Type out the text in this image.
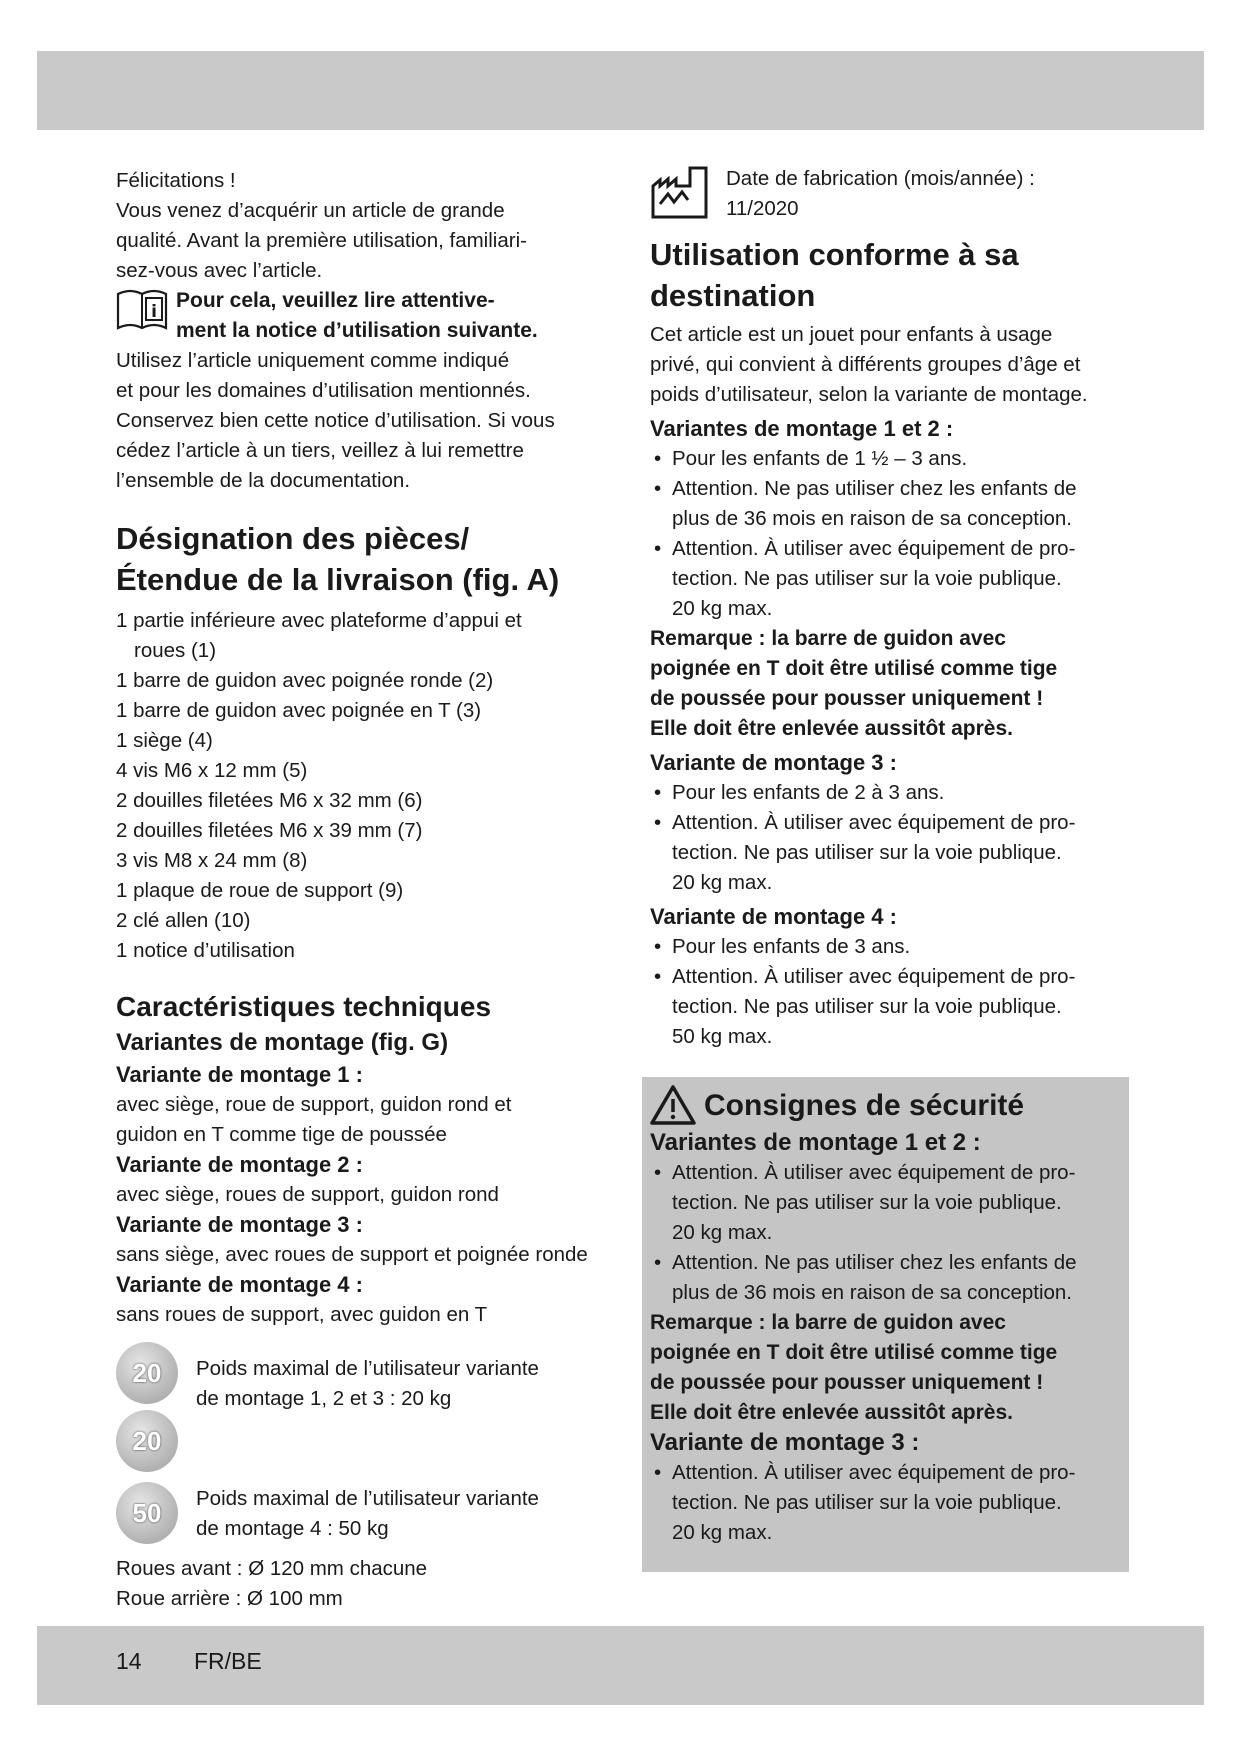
Félicitations !

Vous venez d’acquérir un article de grande

qualité. Avant la première utilisation, familiari-

sez-vous avec l’article.

i Pour cela, veuillez lire attentive-

ment la notice d’utilisation suivante.

Utilisez l’article uniquement comme indiqué

et pour les domaines d’utilisation mentionnés.

Conservez bien cette notice d’utilisation. Si vous

cédez l’article à un tiers, veillez à lui remettre

l’ensemble de la documentation.

Désignation des pièces/

Étendue de la livraison (fig. A)

1 partie inférieure avec plateforme d’appui et
roues (1)
1 barre de guidon avec poignée ronde (2)
1 barre de guidon avec poignée en T (3)
1 siège (4)
4 vis M6 x 12 mm (5)
2 douilles filetées M6 x 32 mm (6)
2 douilles filetées M6 x 39 mm (7)
3 vis M8 x 24 mm (8)
1 plaque de roue de support (9)
2 clé allen (10)
1 notice d’utilisation

Caractéristiques techniques

Variantes de montage (fig. G)

Variante de montage 1 :

avec siège, roue de support, guidon rond et

guidon en T comme tige de poussée

Variante de montage 2 :

avec siège, roues de support, guidon rond

Variante de montage 3 :

sans siège, avec roues de support et poignée ronde

Variante de montage 4 :

sans roues de support, avec guidon en T

20
20

Poids maximal de l’utilisateur variante

de montage 1, 2 et 3 : 20 kg

50	Poids maximal de l’utilisateur variante

de montage 4 : 50 kg

Roues avant : Ø 120 mm chacune

Roue arrière : Ø 100 mm

Date de fabrication (mois/année) :

11/2020

Utilisation conforme à sa

destination

Cet article est un jouet pour enfants à usage

privé, qui convient à différents groupes d’âge et

poids d’utilisateur, selon la variante de montage.

Variantes de montage 1 et 2 :

• Pour les enfants de 1 ½ – 3 ans.
• Attention. Ne pas utiliser chez les enfants de
plus de 36 mois en raison de sa conception.
• Attention. À utiliser avec équipement de pro-
tection. Ne pas utiliser sur la voie publique.
20 kg max.

Remarque : la barre de guidon avec

poignée en T doit être utilisé comme tige

de poussée pour pousser uniquement !

Elle doit être enlevée aussitôt après.

Variante de montage 3 :

• Pour les enfants de 2 à 3 ans.
• Attention. À utiliser avec équipement de pro-
tection. Ne pas utiliser sur la voie publique.
20 kg max.

Variante de montage 4 :

• Pour les enfants de 3 ans.
• Attention. À utiliser avec équipement de pro-
tection. Ne pas utiliser sur la voie publique.
50 kg max.

Consignes de sécurité

Variantes de montage 1 et 2 :

• Attention. À utiliser avec équipement de pro-
tection. Ne pas utiliser sur la voie publique.
20 kg max.
• Attention. Ne pas utiliser chez les enfants de
plus de 36 mois en raison de sa conception.

Remarque : la barre de guidon avec

poignée en T doit être utilisé comme tige

de poussée pour pousser uniquement !

Elle doit être enlevée aussitôt après.

Variante de montage 3 :

• Attention. À utiliser avec équipement de pro-
tection. Ne pas utiliser sur la voie publique.
20 kg max.
14 FR/BE
